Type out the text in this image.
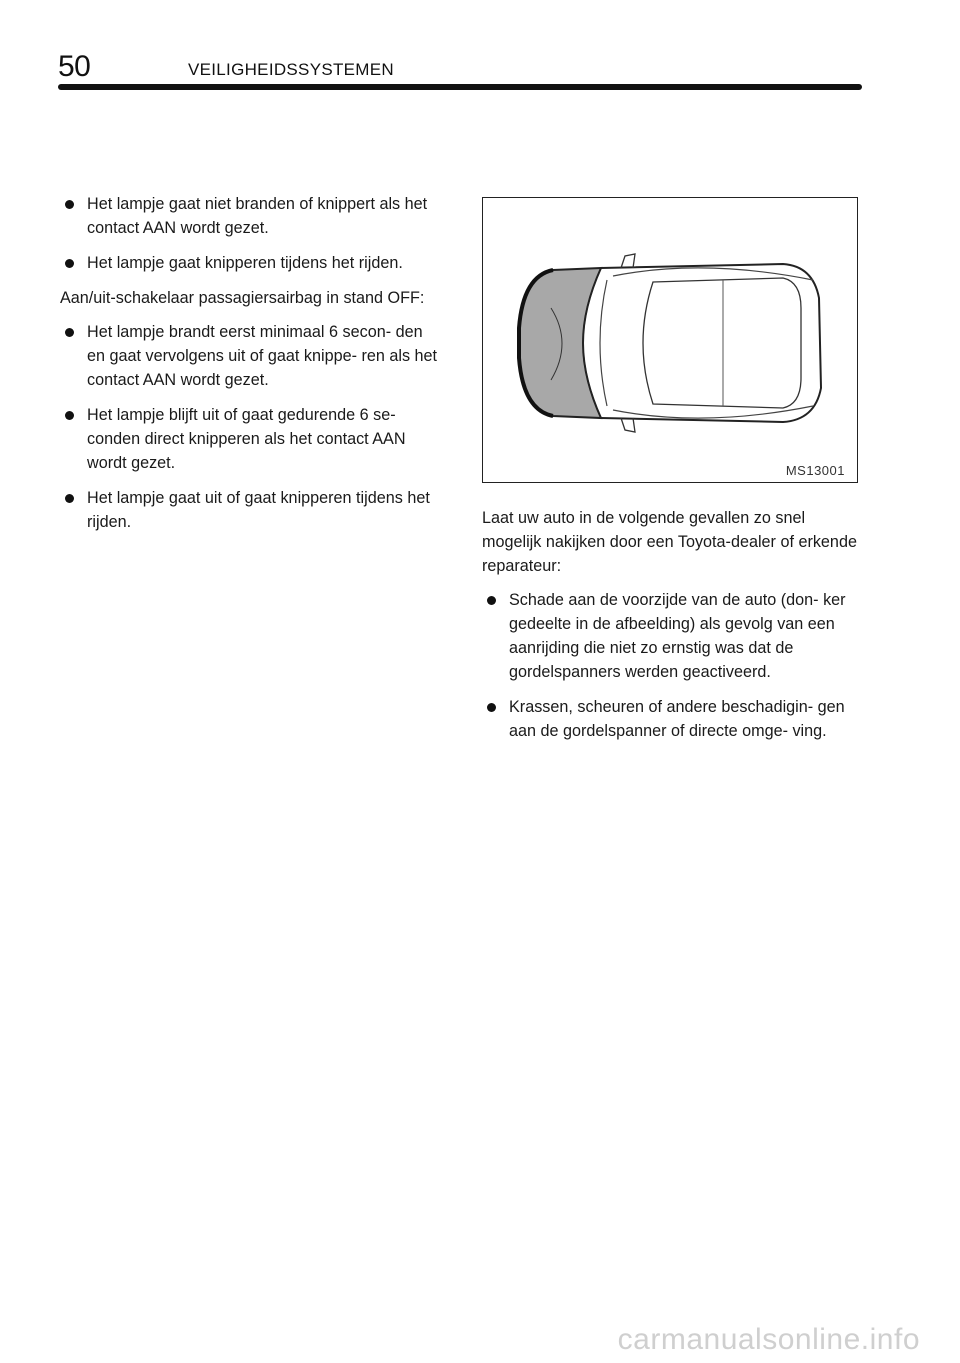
50	VEILIGHEIDSSYSTEMEN
Het lampje gaat niet branden of knippert als het contact AAN wordt gezet.
Het lampje gaat knipperen tijdens het rijden.

Aan/uit‑schakelaar passagiersairbag in stand OFF:

Het lampje brandt eerst minimaal 6 secon- den en gaat vervolgens uit of gaat knippe- ren als het contact AAN wordt gezet.
Het lampje blijft uit of gaat gedurende 6 se- conden direct knipperen als het contact AAN wordt gezet.
Het lampje gaat uit of gaat knipperen tijdens het rijden.
MS13001

Laat uw auto in de volgende gevallen zo snel mogelijk nakijken door een Toyota‑dealer of erkende reparateur:

Schade aan de voorzijde van de auto (don- ker gedeelte in de afbeelding) als gevolg van een aanrijding die niet zo ernstig was dat de gordelspanners werden geactiveerd.
Krassen, scheuren of andere beschadigin- gen aan de gordelspanner of directe omge- ving.
carmanualsonline.info
